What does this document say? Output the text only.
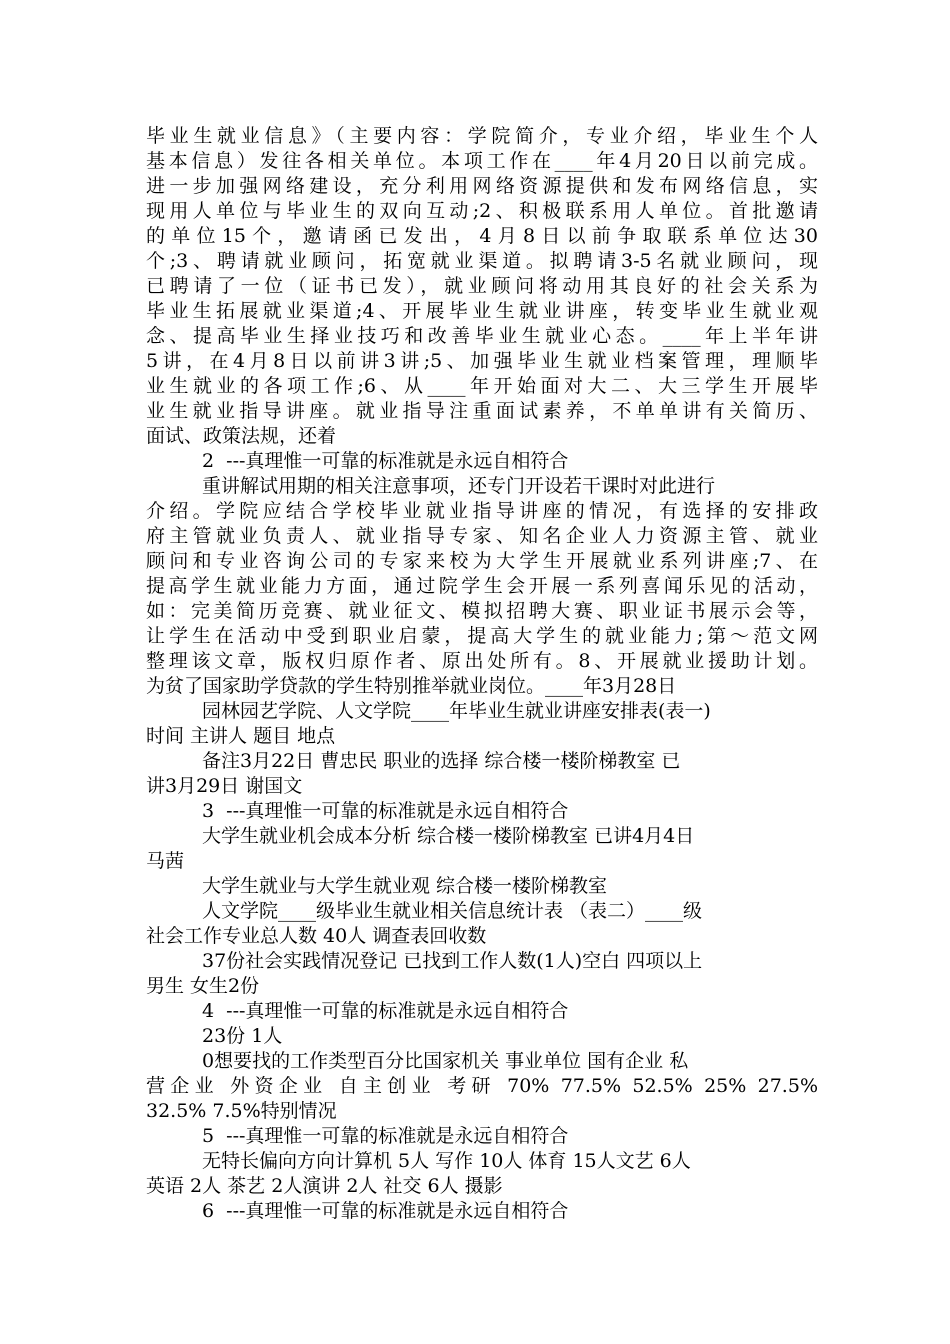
毕业生就业信息》（主要内容：学院简介，专业介绍，毕业生个人
基本信息）发往各相关单位。本项工作在____年4月20日以前完成。
进一步加强网络建设，充分利用网络资源提供和发布网络信息，实
现用人单位与毕业生的双向互动;2、积极联系用人单位。首批邀请
的单位15个，邀请函已发出，4月8日以前争取联系单位达30
个;3、聘请就业顾问，拓宽就业渠道。拟聘请3-5名就业顾问，现
已聘请了一位（证书已发），就业顾问将动用其良好的社会关系为
毕业生拓展就业渠道;4、开展毕业生就业讲座，转变毕业生就业观
念、提高毕业生择业技巧和改善毕业生就业心态。____年上半年讲
5讲，在4月8日以前讲3讲;5、加强毕业生就业档案管理，理顺毕
业生就业的各项工作;6、从____年开始面对大二、大三学生开展毕
业生就业指导讲座。就业指导注重面试素养，不单单讲有关简历、
面试、政策法规，还着
2  ---真理惟一可靠的标准就是永远自相符合
重讲解试用期的相关注意事项，还专门开设若干课时对此进行
介绍。学院应结合学校毕业就业指导讲座的情况，有选择的安排政
府主管就业负责人、就业指导专家、知名企业人力资源主管、就业
顾问和专业咨询公司的专家来校为大学生开展就业系列讲座;7、在
提高学生就业能力方面，通过院学生会开展一系列喜闻乐见的活动，
如：完美简历竞赛、就业征文、模拟招聘大赛、职业证书展示会等，
让学生在活动中受到职业启蒙，提高大学生的就业能力;第～范文网
整理该文章，版权归原作者、原出处所有。8、开展就业援助计划。
为贫了国家助学贷款的学生特别推举就业岗位。____年3月28日
园林园艺学院、人文学院____年毕业生就业讲座安排表(表一)
时间 主讲人 题目 地点
备注3月22日 曹忠民 职业的选择 综合楼一楼阶梯教室 已
讲3月29日 谢国文
3  ---真理惟一可靠的标准就是永远自相符合
大学生就业机会成本分析 综合楼一楼阶梯教室 已讲4月4日
马茜
大学生就业与大学生就业观 综合楼一楼阶梯教室
人文学院____级毕业生就业相关信息统计表 （表二）____级
社会工作专业总人数 40人 调查表回收数
37份社会实践情况登记 已找到工作人数(1人)空白 四项以上
男生 女生2份
4  ---真理惟一可靠的标准就是永远自相符合
23份 1人
0想要找的工作类型百分比国家机关 事业单位 国有企业 私
营企业 外资企业 自主创业 考研 70% 77.5% 52.5% 25% 27.5%
32.5% 7.5%特别情况
5  ---真理惟一可靠的标准就是永远自相符合
无特长偏向方向计算机 5人 写作 10人 体育 15人文艺 6人
英语 2人 茶艺 2人演讲 2人 社交 6人 摄影
6  ---真理惟一可靠的标准就是永远自相符合
